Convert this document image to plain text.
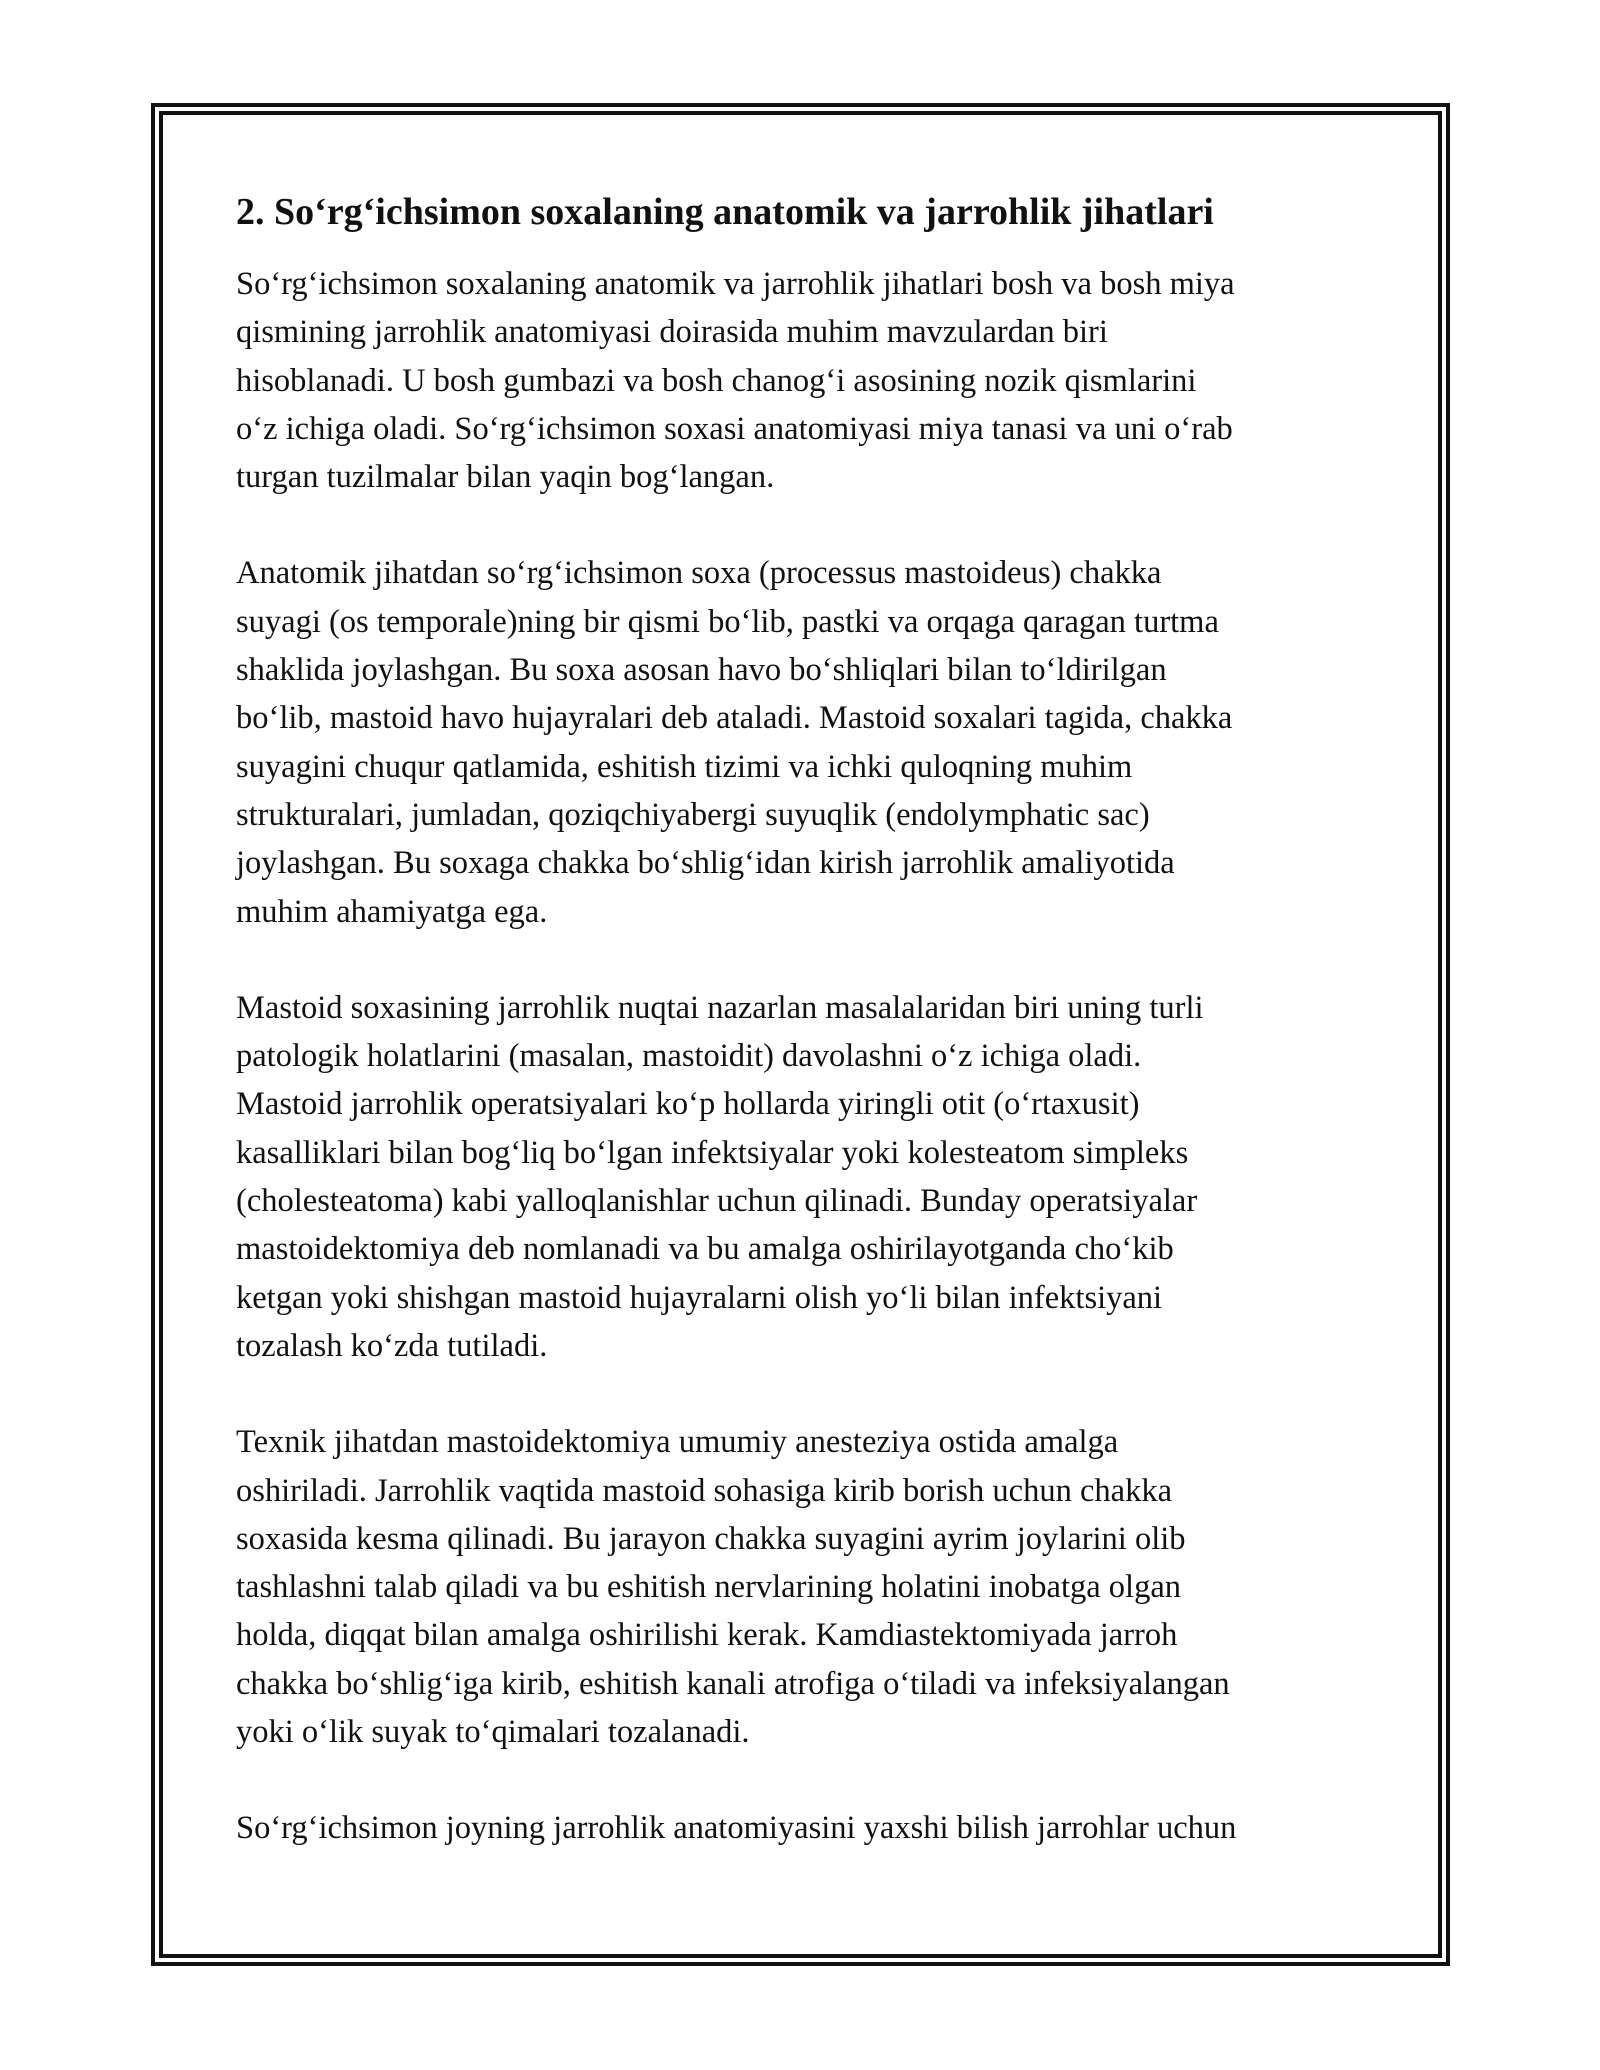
2. So‘rg‘ichsimon soxalaning anatomik va jarrohlik jihatlari
So‘rg‘ichsimon soxalaning anatomik va jarrohlik jihatlari bosh va bosh miya
qismining jarrohlik anatomiyasi doirasida muhim mavzulardan biri
hisoblanadi. U bosh gumbazi va bosh chanog‘i asosining nozik qismlarini
o‘z ichiga oladi. So‘rg‘ichsimon soxasi anatomiyasi miya tanasi va uni o‘rab
turgan tuzilmalar bilan yaqin bog‘langan.
Anatomik jihatdan so‘rg‘ichsimon soxa (processus mastoideus) chakka
suyagi (os temporale)ning bir qismi bo‘lib, pastki va orqaga qaragan turtma
shaklida joylashgan. Bu soxa asosan havo bo‘shliqlari bilan to‘ldirilgan
bo‘lib, mastoid havo hujayralari deb ataladi. Mastoid soxalari tagida, chakka
suyagini chuqur qatlamida, eshitish tizimi va ichki quloqning muhim
strukturalari, jumladan, qoziqchiyabergi suyuqlik (endolymphatic sac)
joylashgan. Bu soxaga chakka bo‘shlig‘idan kirish jarrohlik amaliyotida
muhim ahamiyatga ega.
Mastoid soxasining jarrohlik nuqtai nazarlan masalalaridan biri uning turli
patologik holatlarini (masalan, mastoidit) davolashni o‘z ichiga oladi.
Mastoid jarrohlik operatsiyalari ko‘p hollarda yiringli otit (o‘rtaxusit)
kasalliklari bilan bog‘liq bo‘lgan infektsiyalar yoki kolesteatom simpleks
(cholesteatoma) kabi yalloqlanishlar uchun qilinadi. Bunday operatsiyalar
mastoidektomiya deb nomlanadi va bu amalga oshirilayotganda cho‘kib
ketgan yoki shishgan mastoid hujayralarni olish yo‘li bilan infektsiyani
tozalash ko‘zda tutiladi.
Texnik jihatdan mastoidektomiya umumiy anesteziya ostida amalga
oshiriladi. Jarrohlik vaqtida mastoid sohasiga kirib borish uchun chakka
soxasida kesma qilinadi. Bu jarayon chakka suyagini ayrim joylarini olib
tashlashni talab qiladi va bu eshitish nervlarining holatini inobatga olgan
holda, diqqat bilan amalga oshirilishi kerak. Kamdiastektomiyada jarroh
chakka bo‘shlig‘iga kirib, eshitish kanali atrofiga o‘tiladi va infeksiyalangan
yoki o‘lik suyak to‘qimalari tozalanadi.
So‘rg‘ichsimon joyning jarrohlik anatomiyasini yaxshi bilish jarrohlar uchun
